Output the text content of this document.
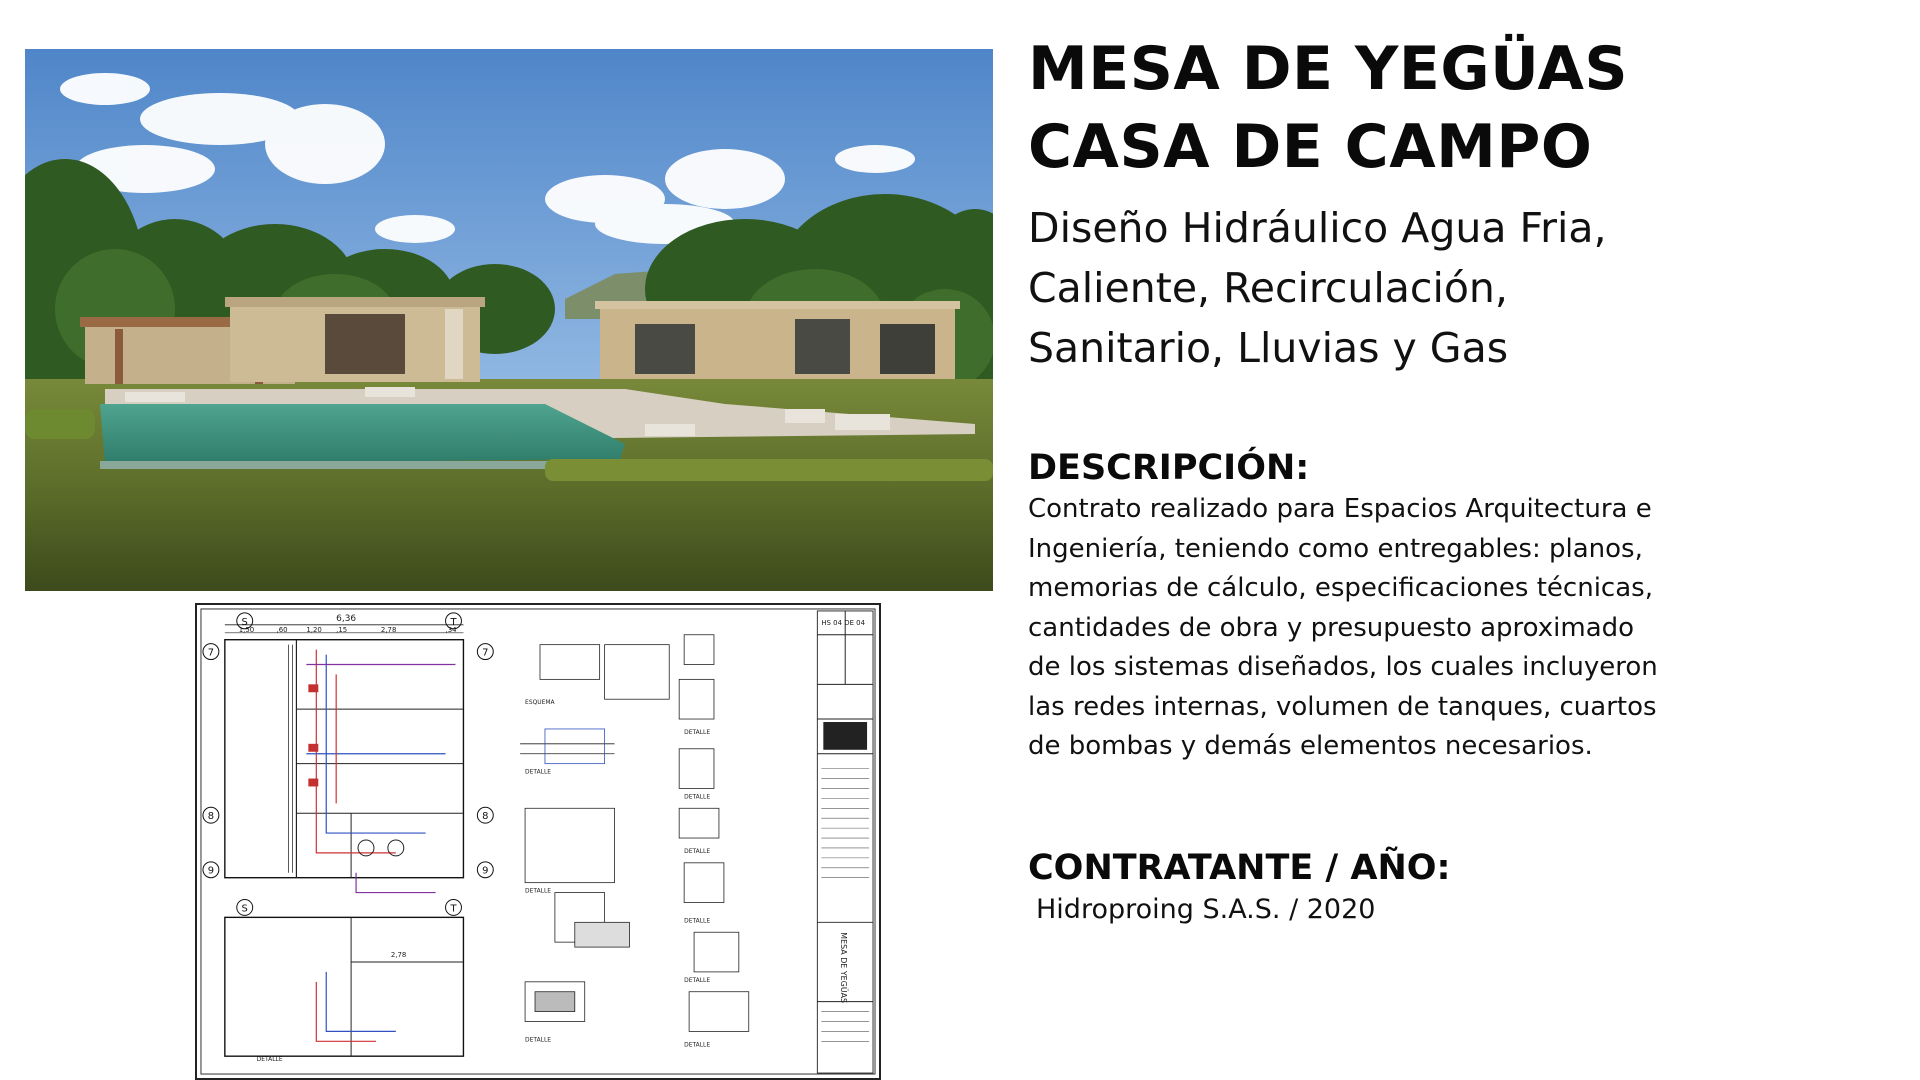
HS 04 DE 04
MESA DE YEGÜAS
6,36
1,50	,60	1,20 ,15	2,78	,34
S	T
7	7
8	8
9	9
S	T
2,78
ESQUEMA
DETALLE
DETALLE
DETALLE
DETALLE
DETALLE
DETALLE
DETALLE
DETALLE
DETALLE
DETALLE
MESA DE YEGÜAS
CASA DE CAMPO
Diseño Hidráulico Agua Fria,
Caliente, Recirculación,
Sanitario, Lluvias y Gas
DESCRIPCIÓN:
Contrato realizado para Espacios Arquitectura e
Ingeniería, teniendo como entregables: planos,
memorias de cálculo, especificaciones técnicas,
cantidades de obra y presupuesto aproximado
de los sistemas diseñados, los cuales incluyeron
las redes internas, volumen de tanques, cuartos
de bombas y demás elementos necesarios.
CONTRATANTE / AÑO:
Hidroproing S.A.S. / 2020
